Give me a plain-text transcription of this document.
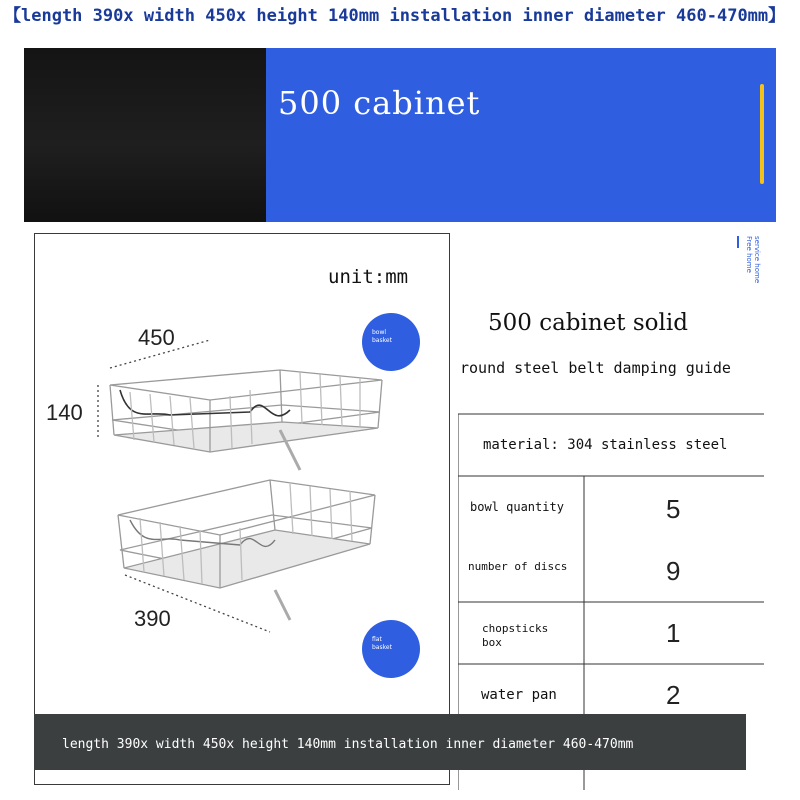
【length 390x width 450x height 140mm installation inner diameter 460-470mm】
500 cabinet
unit:mm
450
140
390
bowl
basket
flat
basket
Free home service home
500 cabinet solid
round steel belt damping guide
material: 304 stainless steel
bowl quantity	5
number of discs	9
chopsticks
box	1
water pan	2
length 390x width 450x height 140mm installation inner diameter 460-470mm
